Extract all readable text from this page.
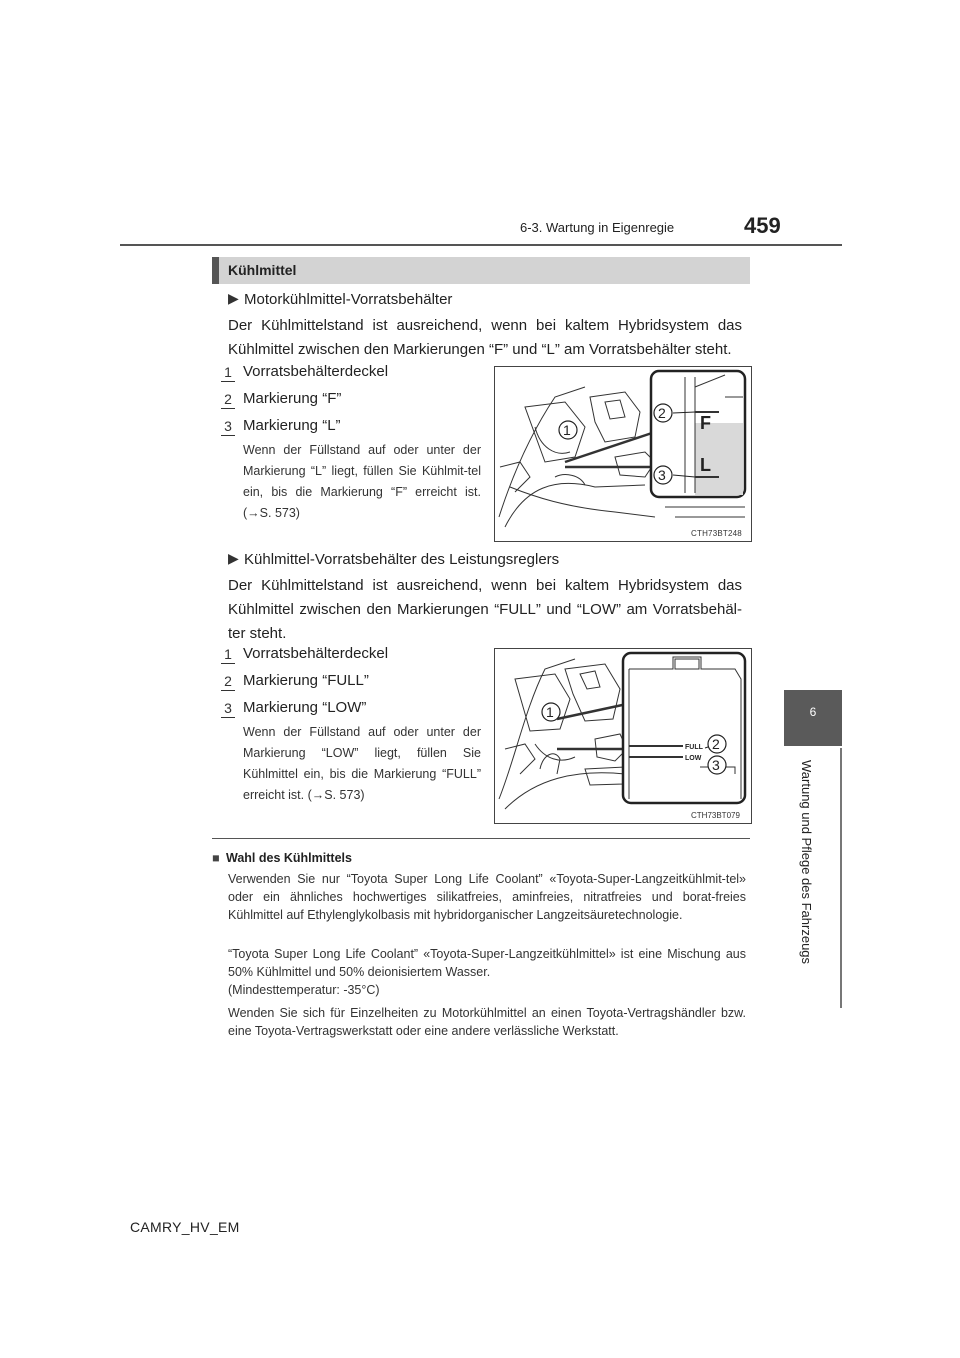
6-3. Wartung in Eigenregie	459
6
Wartung und Pflege des Fahrzeugs
Kühlmittel
▶ Motorkühlmittel-Vorratsbehälter
Der Kühlmittelstand ist ausreichend, wenn bei kaltem Hybridsystem das Kühlmittel zwischen den Markierungen “F” und “L” am Vorratsbehälter steht.
1 Vorratsbehälterdeckel
2 Markierung “F”
3 Markierung “L”
Wenn der Füllstand auf oder unter der Markierung “L” liegt, füllen Sie Kühlmit-tel ein, bis die Markierung “F” erreicht ist. (→S. 573)
2
3
1	F
L
CTH73BT248
▶ Kühlmittel-Vorratsbehälter des Leistungsreglers
Der Kühlmittelstand ist ausreichend, wenn bei kaltem Hybridsystem das Kühlmittel zwischen den Markierungen “FULL” und “LOW” am Vorratsbehäl-ter steht.
1 Vorratsbehälterdeckel
2 Markierung “FULL”
3 Markierung “LOW”
Wenn der Füllstand auf oder unter der Markierung “LOW” liegt, füllen Sie Kühlmittel ein, bis die Markierung “FULL” erreicht ist. (→S. 573)
FULL
LOW
1
2
3
CTH73BT079
■ Wahl des Kühlmittels
Verwenden Sie nur “Toyota Super Long Life Coolant” «Toyota-Super-Langzeitkühlmit-tel» oder ein ähnliches hochwertiges silikatfreies, aminfreies, nitratfreies und borat-freies Kühlmittel auf Ethylenglykolbasis mit hybridorganischer Langzeitsäuretechnologie.
“Toyota Super Long Life Coolant” «Toyota-Super-Langzeitkühlmittel» ist eine Mischung aus 50% Kühlmittel und 50% deionisiertem Wasser.
(Mindesttemperatur: -35°C)
Wenden Sie sich für Einzelheiten zu Motorkühlmittel an einen Toyota-Vertragshändler bzw. eine Toyota-Vertragswerkstatt oder eine andere verlässliche Werkstatt.
CAMRY_HV_EM
